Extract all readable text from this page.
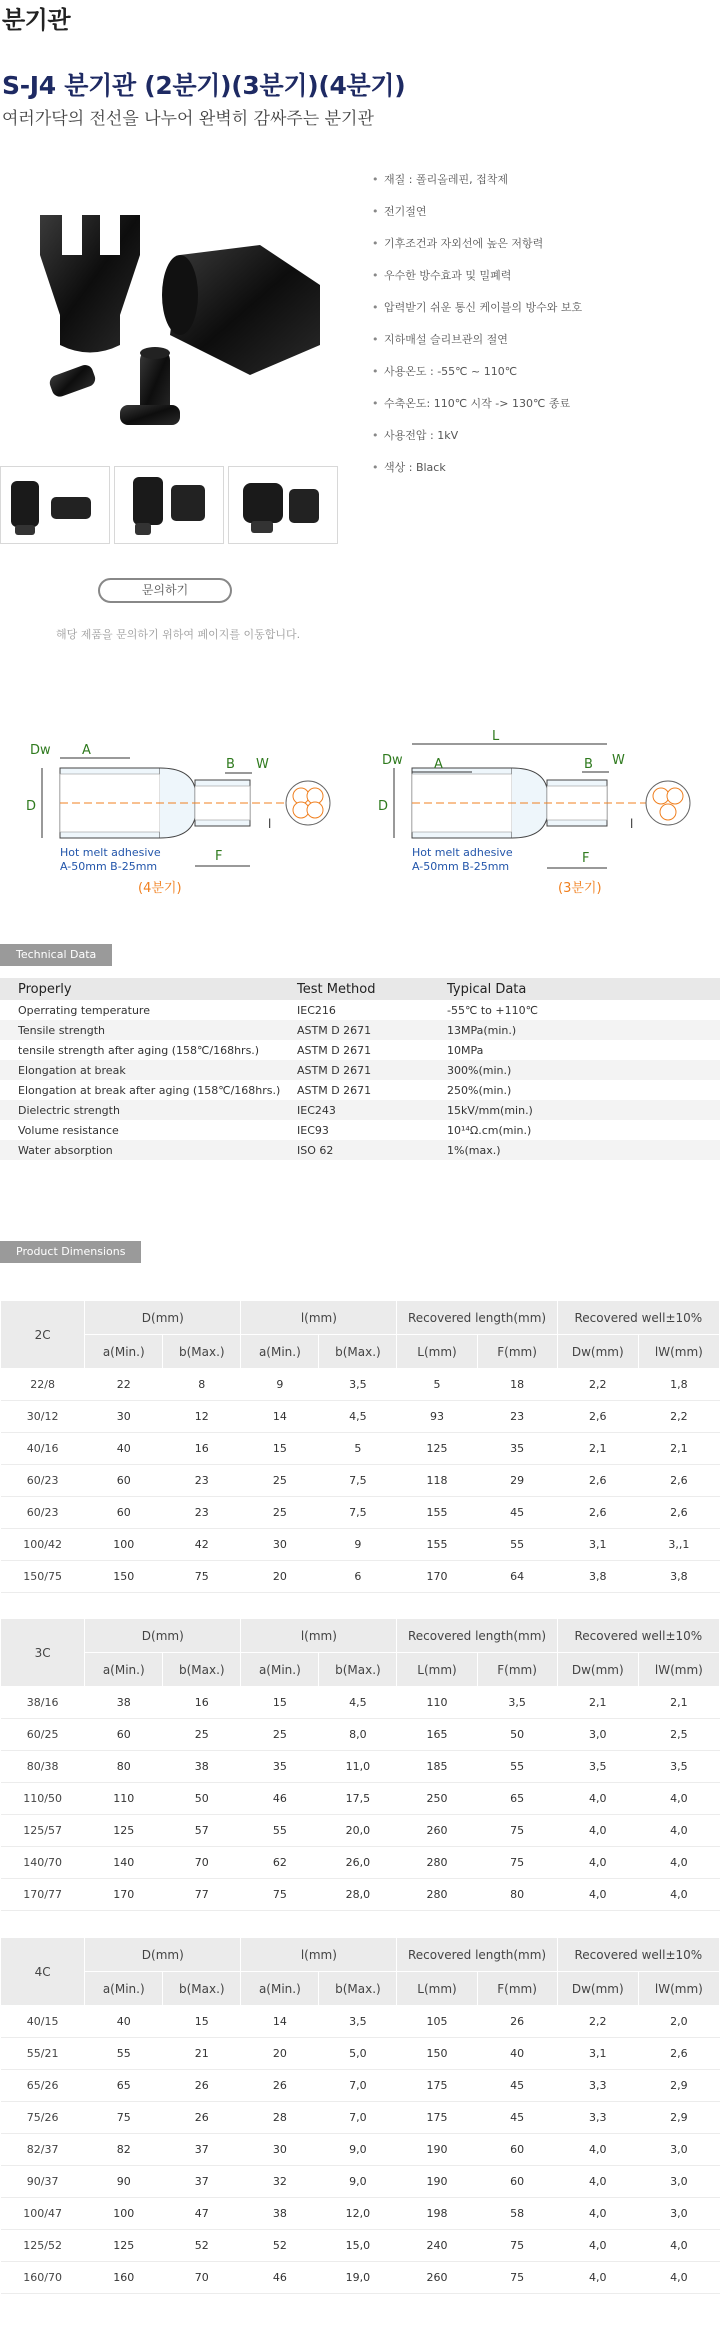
분기관
S-J4 분기관 (2분기)(3분기)(4분기)
여러가닥의 전선을 나누어 완벽히 감싸주는 분기관
• 재질 : 폴리올레핀, 접착제
• 전기절연
• 기후조건과 자외선에 높은 저항력
• 우수한 방수효과 및 밀폐력
• 압력받기 쉬운 통신 케이블의 방수와 보호
• 지하매설 슬리브관의 절연
• 사용온도 : -55℃ ~ 110℃
• 수축온도: 110℃ 시작 -> 130℃ 종료
• 사용전압 : 1kV
• 색상 : Black
문의하기
해당 제품을 문의하기 위하여 페이지를 이동합니다.
Dw A
B W
D
F
l
Hot melt adhesive
A-50mm B-25mm
(4분기)
Dw
L
A	B W
D
F
l
Hot melt adhesive
A-50mm B-25mm
(3분기)
Technical Data
Properly	Test Method	Typical Data
Operrating temperature	IEC216	-55℃ to +110℃
Tensile strength	ASTM D 2671	13MPa(min.)
tensile strength after aging (158℃/168hrs.)	ASTM D 2671	10MPa
Elongation at break	ASTM D 2671	300%(min.)
Elongation at break after aging (158℃/168hrs.)	ASTM D 2671	250%(min.)
Dielectric strength	IEC243	15kV/mm(min.)
Volume resistance	IEC93	10¹⁴Ω.cm(min.)
Water absorption	ISO 62	1%(max.)
Product Dimensions
2C	D(mm)		l(mm)		Recovered length(mm)		Recovered well±10%	
	a(Min.)	b(Max.)	a(Min.)	b(Max.)	L(mm)	F(mm)	Dw(mm)	lW(mm)
22/8	22	8	9	3,5	5	18	2,2	1,8
30/12	30	12	14	4,5	93	23	2,6	2,2
40/16	40	16	15	5	125	35	2,1	2,1
60/23	60	23	25	7,5	118	29	2,6	2,6
60/23	60	23	25	7,5	155	45	2,6	2,6
100/42	100	42	30	9	155	55	3,1	3,,1
150/75	150	75	20	6	170	64	3,8	3,8
3C	D(mm)		l(mm)		Recovered length(mm)		Recovered well±10%	
	a(Min.)	b(Max.)	a(Min.)	b(Max.)	L(mm)	F(mm)	Dw(mm)	lW(mm)
38/16	38	16	15	4,5	110	3,5	2,1	2,1
60/25	60	25	25	8,0	165	50	3,0	2,5
80/38	80	38	35	11,0	185	55	3,5	3,5
110/50	110	50	46	17,5	250	65	4,0	4,0
125/57	125	57	55	20,0	260	75	4,0	4,0
140/70	140	70	62	26,0	280	75	4,0	4,0
170/77	170	77	75	28,0	280	80	4,0	4,0
4C	D(mm)		l(mm)		Recovered length(mm)		Recovered well±10%	
	a(Min.)	b(Max.)	a(Min.)	b(Max.)	L(mm)	F(mm)	Dw(mm)	lW(mm)
40/15	40	15	14	3,5	105	26	2,2	2,0
55/21	55	21	20	5,0	150	40	3,1	2,6
65/26	65	26	26	7,0	175	45	3,3	2,9
75/26	75	26	28	7,0	175	45	3,3	2,9
82/37	82	37	30	9,0	190	60	4,0	3,0
90/37	90	37	32	9,0	190	60	4,0	3,0
100/47	100	47	38	12,0	198	58	4,0	3,0
125/52	125	52	52	15,0	240	75	4,0	4,0
160/70	160	70	46	19,0	260	75	4,0	4,0
